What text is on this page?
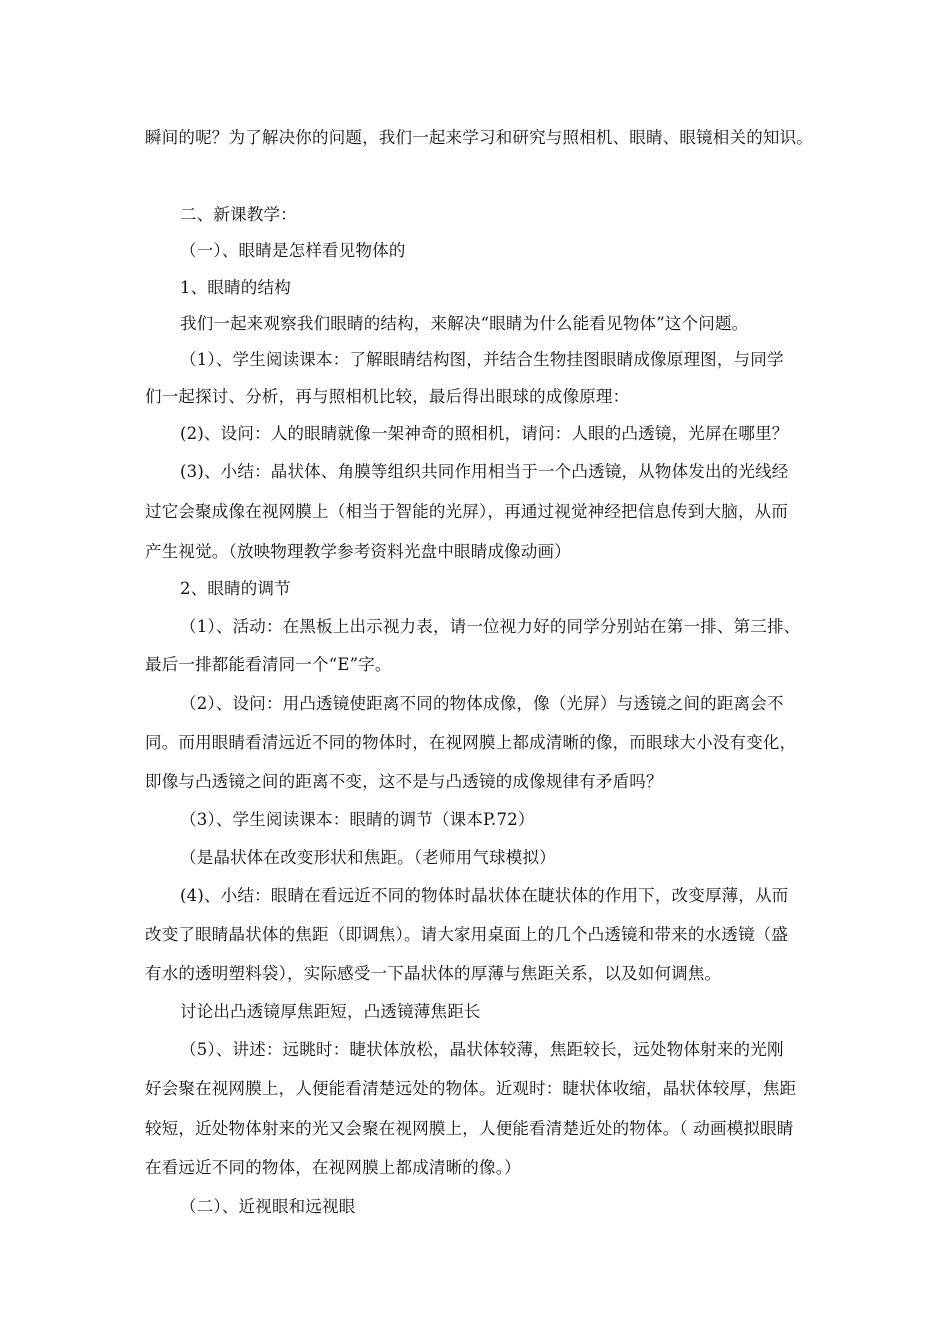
瞬间的呢？为了解决你的问题，我们一起来学习和研究与照相机、眼睛、眼镜相关的知识。
二、新课教学：
（一）、眼睛是怎样看见物体的
1、眼睛的结构
我们一起来观察我们眼睛的结构，来解决“眼睛为什么能看见物体”这个问题。
（1）、学生阅读课本：了解眼睛结构图，并结合生物挂图眼睛成像原理图，与同学
们一起探讨、分析，再与照相机比较，最后得出眼球的成像原理：
(2)、设问：人的眼睛就像一架神奇的照相机，请问：人眼的凸透镜，光屏在哪里？
(3)、小结：晶状体、角膜等组织共同作用相当于一个凸透镜，从物体发出的光线经
过它会聚成像在视网膜上（相当于智能的光屏），再通过视觉神经把信息传到大脑，从而
产生视觉。（放映物理教学参考资料光盘中眼睛成像动画）
2、眼睛的调节
（1）、活动：在黑板上出示视力表，请一位视力好的同学分别站在第一排、第三排、
最后一排都能看清同一个“E”字。
（2）、设问：用凸透镜使距离不同的物体成像，像（光屏）与透镜之间的距离会不
同。而用眼睛看清远近不同的物体时，在视网膜上都成清晰的像，而眼球大小没有变化，
即像与凸透镜之间的距离不变，这不是与凸透镜的成像规律有矛盾吗？
（3）、学生阅读课本：眼睛的调节（课本P.72）
（是晶状体在改变形状和焦距。（老师用气球模拟）
(4)、小结：眼睛在看远近不同的物体时晶状体在睫状体的作用下，改变厚薄，从而
改变了眼睛晶状体的焦距（即调焦）。请大家用桌面上的几个凸透镜和带来的水透镜（盛
有水的透明塑料袋），实际感受一下晶状体的厚薄与焦距关系，以及如何调焦。
讨论出凸透镜厚焦距短，凸透镜薄焦距长
（5）、讲述：远眺时：睫状体放松，晶状体较薄，焦距较长，远处物体射来的光刚
好会聚在视网膜上，人便能看清楚远处的物体。近观时：睫状体收缩，晶状体较厚，焦距
较短，近处物体射来的光又会聚在视网膜上，人便能看清楚近处的物体。（ 动画模拟眼睛
在看远近不同的物体，在视网膜上都成清晰的像。）
（二）、近视眼和远视眼
